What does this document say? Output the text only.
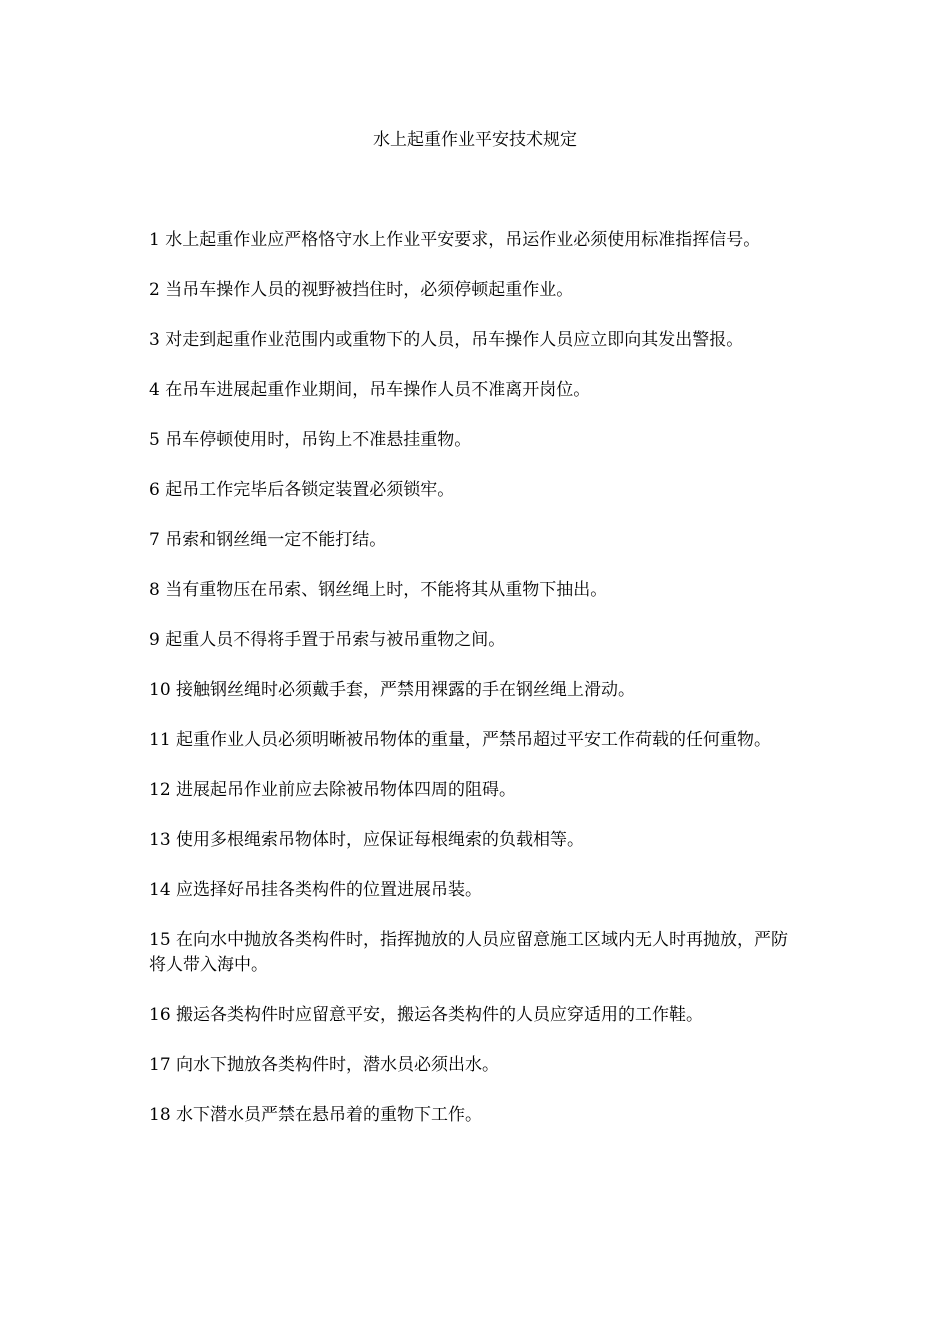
水上起重作业平安技术规定
1 水上起重作业应严格恪守水上作业平安要求，吊运作业必须使用标准指挥信号。
2 当吊车操作人员的视野被挡住时，必须停顿起重作业。
3 对走到起重作业范围内或重物下的人员，吊车操作人员应立即向其发出警报。
4 在吊车进展起重作业期间，吊车操作人员不准离开岗位。
5 吊车停顿使用时，吊钩上不准悬挂重物。
6 起吊工作完毕后各锁定装置必须锁牢。
7 吊索和钢丝绳一定不能打结。
8 当有重物压在吊索、钢丝绳上时，不能将其从重物下抽出。
9 起重人员不得将手置于吊索与被吊重物之间。
10 接触钢丝绳时必须戴手套，严禁用裸露的手在钢丝绳上滑动。
11 起重作业人员必须明晰被吊物体的重量，严禁吊超过平安工作荷载的任何重物。
12 进展起吊作业前应去除被吊物体四周的阻碍。
13 使用多根绳索吊物体时，应保证每根绳索的负载相等。
14 应选择好吊挂各类构件的位置进展吊装。
15 在向水中抛放各类构件时，指挥抛放的人员应留意施工区域内无人时再抛放，严防将人带入海中。
16 搬运各类构件时应留意平安，搬运各类构件的人员应穿适用的工作鞋。
17 向水下抛放各类构件时，潜水员必须出水。
18 水下潜水员严禁在悬吊着的重物下工作。
